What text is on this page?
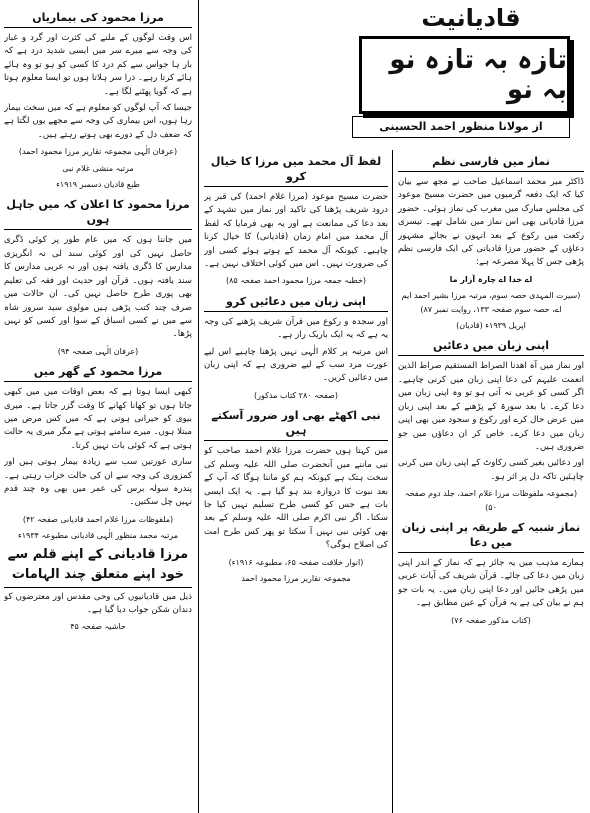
قادیانیت
تازہ بہ تازہ نو بہ نو
از مولانا منظور احمد الحسینی
مرزا محمود کی بیماریاں

اس وقت لوگوں کے ملنے کی کثرت اور گرد و غبار کی وجہ سے میرے سر میں ایسی شدید درد ہے کہ بار ہا جواس سے کم درد کا کسی کو ہو تو وہ ہائے ہائے کرتا رہے۔ ذرا سر ہلاتا ہوں تو ایسا معلوم ہوتا ہے کہ گویا پھٹنے لگا ہے۔

جیسا کہ آپ لوگوں کو معلوم ہے کہ میں سخت بیمار رہا ہوں، اس بیماری کی وجہ سے مجھے یوں لگتا ہے کہ ضعف دل کے دورے بھی ہوتے رہتے ہیں۔

(عرفان الٰہی مجموعہ تقاریر مرزا محمود احمد)
مرتبہ منشی غلام نبی
طبع قادیان دسمبر ۱۹۱۹ء
مرزا محمود کا اعلان کہ میں جاہل ہوں

میں جاننا ہوں کہ میں عام طور پر کوئی ڈگری حاصل نہیں کی اور کوئی سند لی نہ انگریزی مدارس کا ڈگری یافتہ ہوں اور نہ عربی مدارس کا سند یافتہ ہوں۔ قرآن اور حدیث اور فقہ کی تعلیم بھی پوری طرح حاصل نہیں کی۔ ان حالات میں صرف چند کتب پڑھی ہیں مولوی سید سرور شاہ سے میں نے کسی اسباق کے سوا اور کسی کو نہیں پڑھا۔

(عرفان الٰہی صفحہ ۹۴)
مرزا محمود کے گھر میں

کبھی ایسا ہوتا ہے کہ بعض اوقات میں میں کبھی جاتا ہوں تو کھانا کھانے کا وقت گزر جاتا ہے۔ میری بیوی کو حیرانی ہوتی ہے کہ میں کس مرض میں مبتلا ہوں۔ میرے سامنے ہوتی ہے مگر میری یہ حالت ہوتی ہے کہ کوئی بات نہیں کرتا۔

ساری عورتیں سب سے زیادہ بیمار ہوتی ہیں اور کمزوری کی وجہ سے ان کی حالت خراب رہتی ہے۔ پندرہ سولہ برس کی عمر میں بھی وہ چند قدم نہیں چل سکتیں۔

(ملفوظات مرزا غلام احمد قادیانی صفحہ ۴۲)
مرتبہ محمد منظور الٰہی قادیانی مطبوعہ ۱۹۳۴ء
مرزا قادیانی کے اپنے قلم سے
خود اپنے متعلق چند الہامات

ذیل میں قادیانیوں کی وحی مقدس اور معترضوں کو دندان شکن جواب دیا گیا ہے۔

حاشیہ صفحہ ۴۵
لفظ آل محمد میں مرزا کا خیال کرو

حضرت مسیح موعود (مرزا غلام احمد) کی قبر پر درود شریف پڑھنا کی تاکید اور نماز میں تشہد کے بعد دعا کی ممانعت ہے اور یہ بھی فرمایا کہ لفظ آل محمد میں امام زمان (قادیانی) کا خیال کرنا چاہیے۔ کیونکہ آل محمد کے ہوتے ہوئے کسی اور کی ضرورت نہیں۔ اس میں کوئی اختلاف نہیں ہے۔

(خطبہ جمعہ مرزا محمود احمد صفحہ ۸۵)
اپنی زبان میں دعائیں کرو

اور سجدہ و رکوع میں قرآن شریف پڑھنے کی وجہ یہ ہے کہ یہ ایک باریک راز ہے۔

اس مرتبہ پر کلام الٰہی نہیں پڑھنا چاہیے اس لیے عورت مرد سب کے لیے ضروری ہے کہ اپنی زبان میں دعائیں کریں۔

(صفحہ ۲۸۰ کتاب مذکور)
نبی اکھٹے بھی اور ضرور آسکتے ہیں

میں کہتا ہوں حضرت مرزا غلام احمد صاحب کو نبی ماننے میں آنحضرت صلی اللہ علیہ وسلم کی سخت ہتک ہے کیونکہ ہم کو ماننا ہوگا کہ آپ کے بعد نبوت کا دروازہ بند ہو گیا ہے۔ یہ ایک ایسی بات ہے جس کو کسی طرح تسلیم نہیں کیا جا سکتا۔ اگر نبی اکرم صلی اللہ علیہ وسلم کے بعد بھی کوئی نبی نہیں آ سکتا تو پھر کس طرح امت کی اصلاح ہوگی؟

(انوار خلافت صفحہ ۶۵، مطبوعہ ۱۹۱۶ء)
مجموعہ تقاریر مرزا محمود احمد
نماز میں فارسی نظم

ڈاکٹر میر محمد اسماعیل صاحب نے مجھ سے بیان کیا کہ ایک دفعہ گرمیوں میں حضرت مسیح موعود کی مجلس مبارک میں مغرب کی نماز ہوئی۔ حضور مرزا قادیانی بھی اس نماز میں شامل تھے۔ تیسری رکعت میں رکوع کے بعد انہوں نے بجائے مشہور دعاؤں کے حضور مرزا قادیانی کی ایک فارسی نظم پڑھی جس کا پہلا مصرعہ ہے:

اے خدا اے چارہ آزار ما
(سیرت المہدی حصہ سوم، مرتبہ مرزا بشیر احمد ایم اے، حصہ سوم صفحہ ۱۳۳، روایت نمبر ۸۷)
اپریل ۱۹۳۹ء (قادیان)
اپنی زبان میں دعائیں

اور نماز میں آہ اھدنا الصراط المستقیم صراط الذین انعمت علیہم کی دعا اپنی زبان میں کرنی چاہیے۔ اگر کسی کو عربی نہ آتی ہو تو وہ اپنی زبان میں دعا کرے۔ یا بعد سورۃ کے پڑھنے کے بعد اپنی زبان میں عرض حال کرے اور رکوع و سجود میں بھی اپنی زبان میں دعا کرے۔ خاص کر ان دعاؤں میں جو ضروری ہیں۔

اور دعائیں بغیر کسی رکاوٹ کے اپنی زبان میں کرنی چاہئیں تاکہ دل پر اثر ہو۔

(مجموعہ ملفوظات مرزا غلام احمد، جلد دوم صفحہ ۵۰)
نماز شبیہ کے طریقہ پر اپنی زبان میں دعا

ہمارے مذہب میں یہ جائز ہے کہ نماز کے اندر اپنی زبان میں دعا کی جائے۔ قرآن شریف کی آیات عربی میں پڑھی جائیں اور دعا اپنی زبان میں۔ یہ بات جو ہم نے بیان کی ہے یہ قرآن کے عین مطابق ہے۔

(کتاب مذکور صفحہ ۷۶)
